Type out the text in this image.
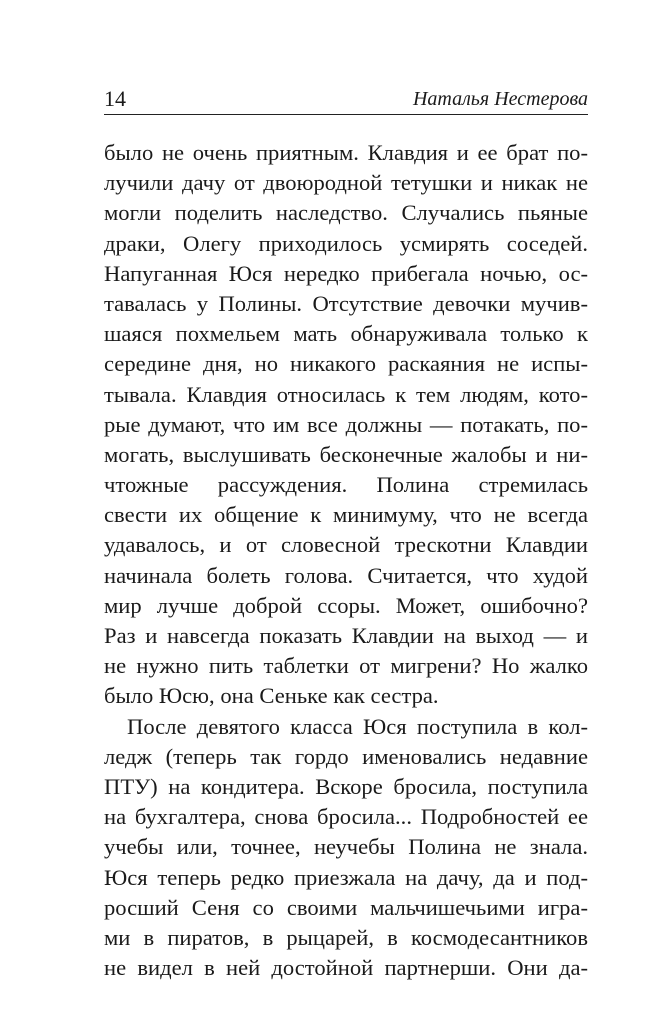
14	Наталья Нестерова
было не очень приятным. Клавдия и ее брат по-
лучили дачу от двоюродной тетушки и никак не
могли поделить наследство. Случались пьяные
драки, Олегу приходилось усмирять соседей.
Напуганная Юся нередко прибегала ночью, ос-
тавалась у Полины. Отсутствие девочки мучив-
шаяся похмельем мать обнаруживала только к
середине дня, но никакого раскаяния не испы-
тывала. Клавдия относилась к тем людям, кото-
рые думают, что им все должны — потакать, по-
могать, выслушивать бесконечные жалобы и ни-
чтожные рассуждения. Полина стремилась
свести их общение к минимуму, что не всегда
удавалось, и от словесной трескотни Клавдии
начинала болеть голова. Считается, что худой
мир лучше доброй ссоры. Может, ошибочно?
Раз и навсегда показать Клавдии на выход — и
не нужно пить таблетки от мигрени? Но жалко
было Юсю, она Сеньке как сестра.
После девятого класса Юся поступила в кол-
ледж (теперь так гордо именовались недавние
ПТУ) на кондитера. Вскоре бросила, поступила
на бухгалтера, снова бросила... Подробностей ее
учебы или, точнее, неучебы Полина не знала.
Юся теперь редко приезжала на дачу, да и под-
росший Сеня со своими мальчишечьими игра-
ми в пиратов, в рыцарей, в космодесантников
не видел в ней достойной партнерши. Они да-
